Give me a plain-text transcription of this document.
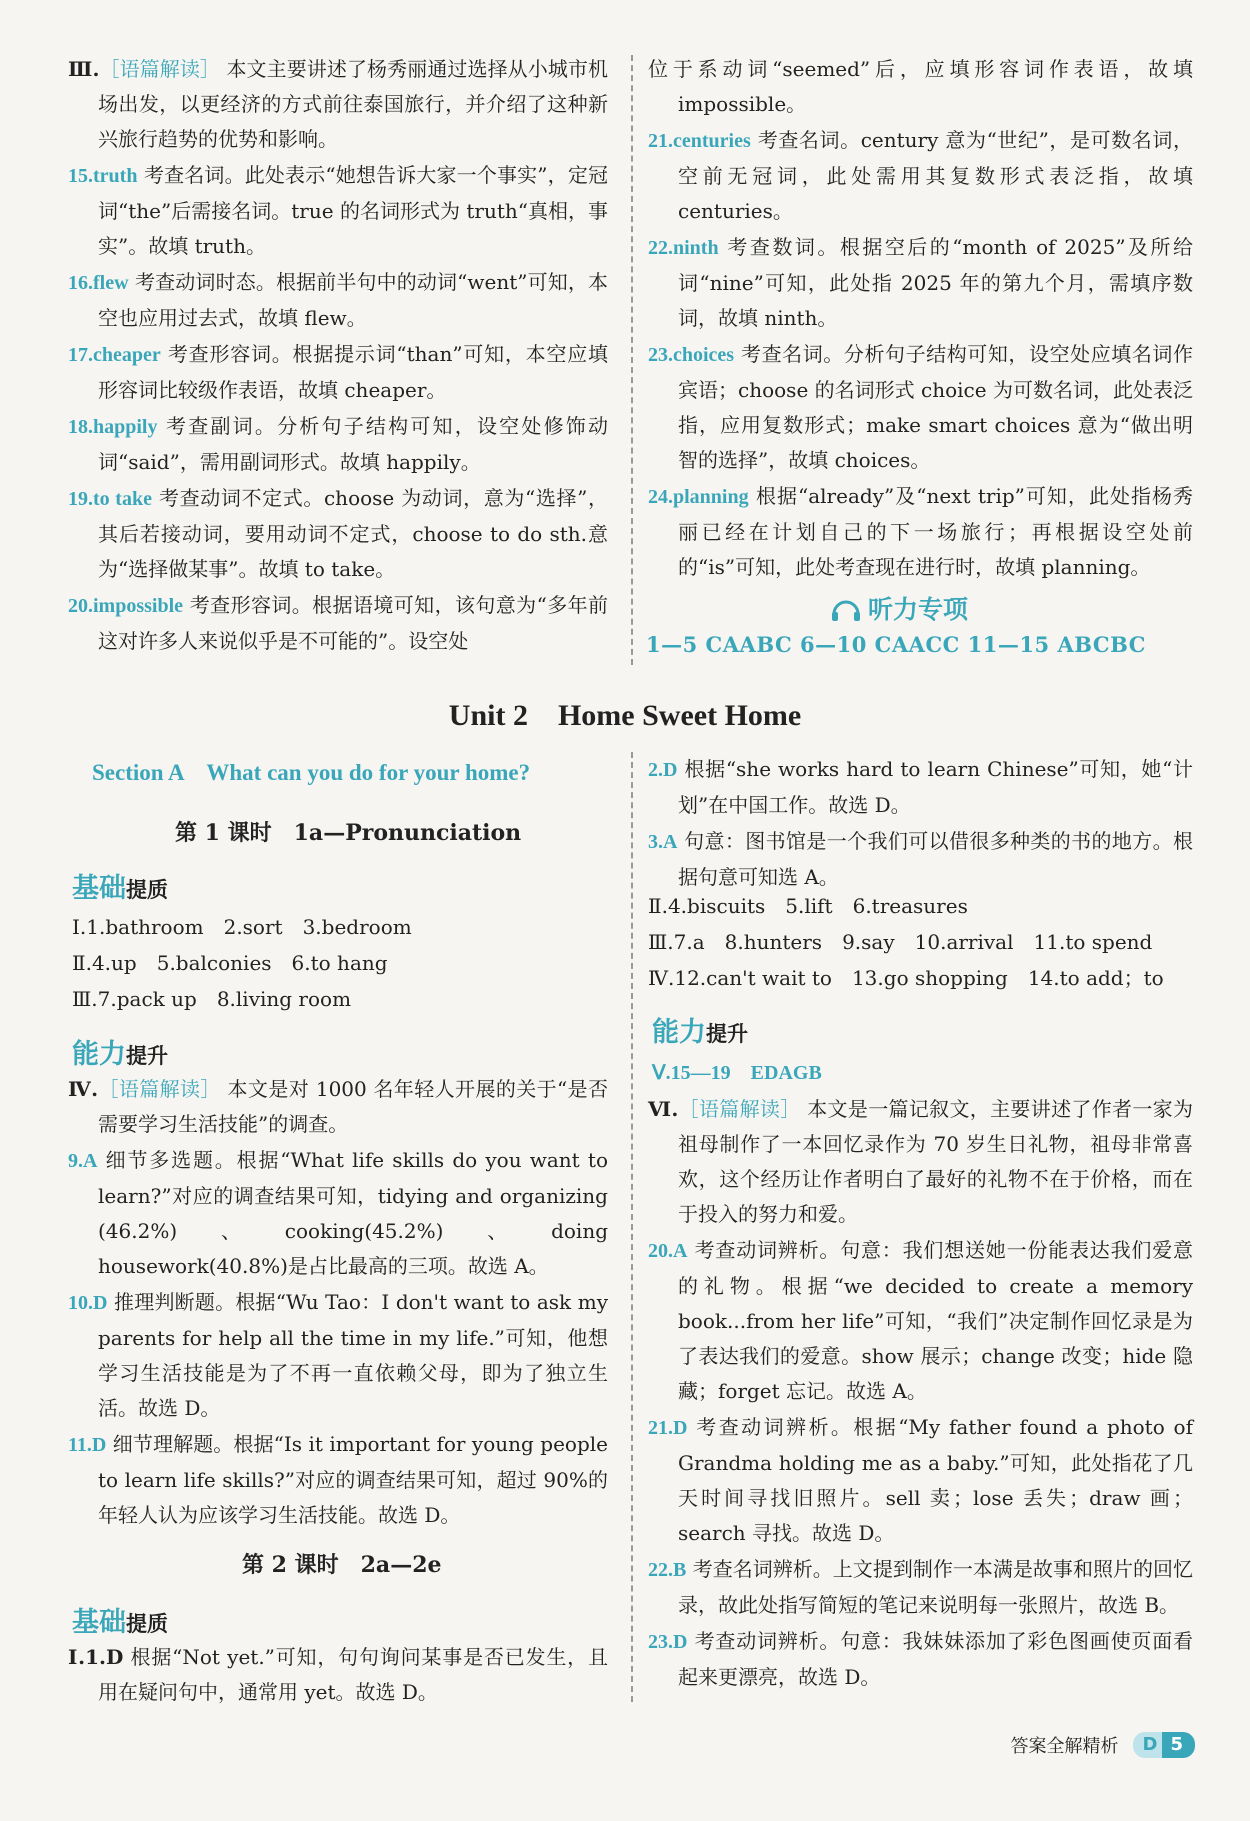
Ⅲ.［语篇解读］ 本文主要讲述了杨秀丽通过选择从小城市机场出发，以更经济的方式前往泰国旅行，并介绍了这种新兴旅行趋势的优势和影响。

15.truth 考查名词。此处表示“她想告诉大家一个事实”，定冠词“the”后需接名词。true 的名词形式为 truth“真相，事实”。故填 truth。

16.flew 考查动词时态。根据前半句中的动词“went”可知，本空也应用过去式，故填 flew。

17.cheaper 考查形容词。根据提示词“than”可知，本空应填形容词比较级作表语，故填 cheaper。

18.happily 考查副词。分析句子结构可知，设空处修饰动词“said”，需用副词形式。故填 happily。

19.to take 考查动词不定式。choose 为动词，意为“选择”，其后若接动词，要用动词不定式，choose to do sth.意为“选择做某事”。故填 to take。

20.impossible 考查形容词。根据语境可知，该句意为“多年前这对许多人来说似乎是不可能的”。设空处

位于系动词“seemed”后，应填形容词作表语，故填 impossible。

21.centuries 考查名词。century 意为“世纪”，是可数名词，空前无冠词，此处需用其复数形式表泛指，故填 centuries。

22.ninth 考查数词。根据空后的“month of 2025”及所给词“nine”可知，此处指 2025 年的第九个月，需填序数词，故填 ninth。

23.choices 考查名词。分析句子结构可知，设空处应填名词作宾语；choose 的名词形式 choice 为可数名词，此处表泛指，应用复数形式；make smart choices 意为“做出明智的选择”，故填 choices。

24.planning 根据“already”及“next trip”可知，此处指杨秀丽已经在计划自己的下一场旅行；再根据设空处前的“is”可知，此处考查现在进行时，故填 planning。

听力专项
1—5 CAABC 6—10 CAACC 11—15 ABCBC
Unit 2　Home Sweet Home
Section A　What can you do for your home?
第 1 课时　1a—Pronunciation
基础提质
Ⅰ.1.bathroom　2.sort　3.bedroom
Ⅱ.4.up　5.balconies　6.to hang
Ⅲ.7.pack up　8.living room
能力提升

Ⅳ.［语篇解读］ 本文是对 1000 名年轻人开展的关于“是否需要学习生活技能”的调查。

9.A 细节多选题。根据“What life skills do you want to learn?”对应的调查结果可知，tidying and organizing (46.2%)、cooking(45.2%)、doing housework(40.8%)是占比最高的三项。故选 A。

10.D 推理判断题。根据“Wu Tao：I don't want to ask my parents for help all the time in my life.”可知，他想学习生活技能是为了不再一直依赖父母，即为了独立生活。故选 D。

11.D 细节理解题。根据“Is it important for young people to learn life skills?”对应的调查结果可知，超过 90%的年轻人认为应该学习生活技能。故选 D。

第 2 课时　2a—2e
基础提质

Ⅰ.1.D 根据“Not yet.”可知，句句询问某事是否已发生，且用在疑问句中，通常用 yet。故选 D。

2.D 根据“she works hard to learn Chinese”可知，她“计划”在中国工作。故选 D。

3.A 句意：图书馆是一个我们可以借很多种类的书的地方。根据句意可知选 A。

Ⅱ.4.biscuits　5.lift　6.treasures
Ⅲ.7.a　8.hunters　9.say　10.arrival　11.to spend
Ⅳ.12.can't wait to　13.go shopping　14.to add；to
能力提升
Ⅴ.15—19　EDAGB

Ⅵ.［语篇解读］ 本文是一篇记叙文，主要讲述了作者一家为祖母制作了一本回忆录作为 70 岁生日礼物，祖母非常喜欢，这个经历让作者明白了最好的礼物不在于价格，而在于投入的努力和爱。

20.A 考查动词辨析。句意：我们想送她一份能表达我们爱意的礼物。根据“we decided to create a memory book...from her life”可知，“我们”决定制作回忆录是为了表达我们的爱意。show 展示；change 改变；hide 隐藏；forget 忘记。故选 A。

21.D 考查动词辨析。根据“My father found a photo of Grandma holding me as a baby.”可知，此处指花了几天时间寻找旧照片。sell 卖；lose 丢失；draw 画；search 寻找。故选 D。

22.B 考查名词辨析。上文提到制作一本满是故事和照片的回忆录，故此处指写简短的笔记来说明每一张照片，故选 B。

23.D 考查动词辨析。句意：我妹妹添加了彩色图画使页面看起来更漂亮，故选 D。

答案全解精析	D 5
